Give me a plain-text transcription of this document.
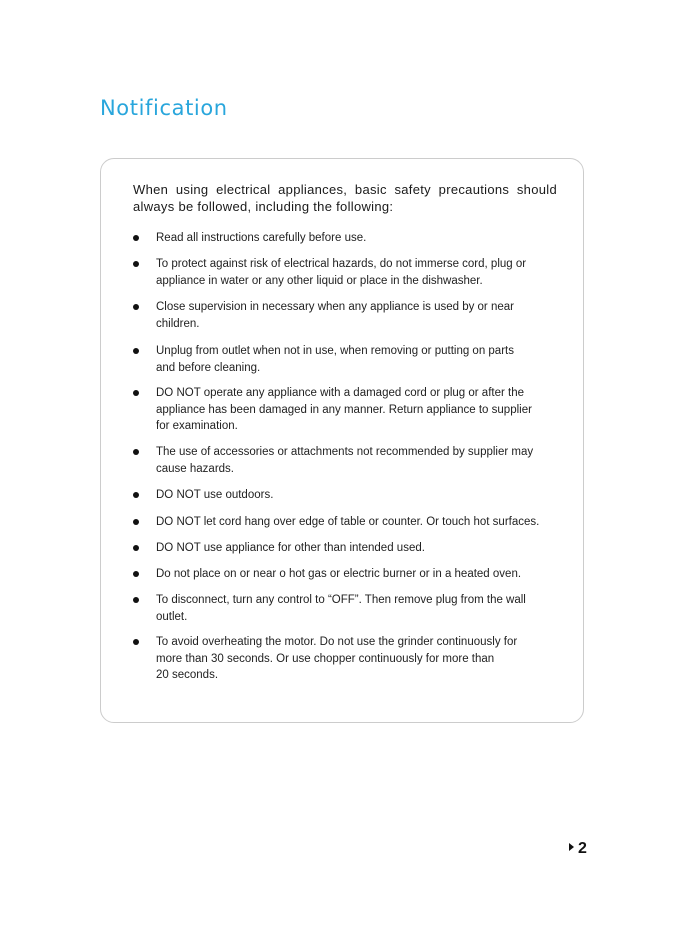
Notification

When using electrical appliances, basic safety precautions should always be followed, including the following:

Read all instructions carefully before use.
To protect against risk of electrical hazards, do not immerse cord, plug or
appliance in water or any other liquid or place in the dishwasher.
Close supervision in necessary when any appliance is used by or near
children.
Unplug from outlet when not in use, when removing or putting on parts
and before cleaning.
DO NOT operate any appliance with a damaged cord or plug or after the
appliance has been damaged in any manner. Return appliance to supplier
for examination.
The use of accessories or attachments not recommended by supplier may
cause hazards.
DO NOT use outdoors.
DO NOT let cord hang over edge of table or counter. Or touch hot surfaces.
DO NOT use appliance for other than intended used.
Do not place on or near o hot gas or electric burner or in a heated oven.
To disconnect, turn any control to “OFF”. Then remove plug from the wall
outlet.
To avoid overheating the motor. Do not use the grinder continuously for
more than 30 seconds. Or use chopper continuously for more than
20 seconds.
2
